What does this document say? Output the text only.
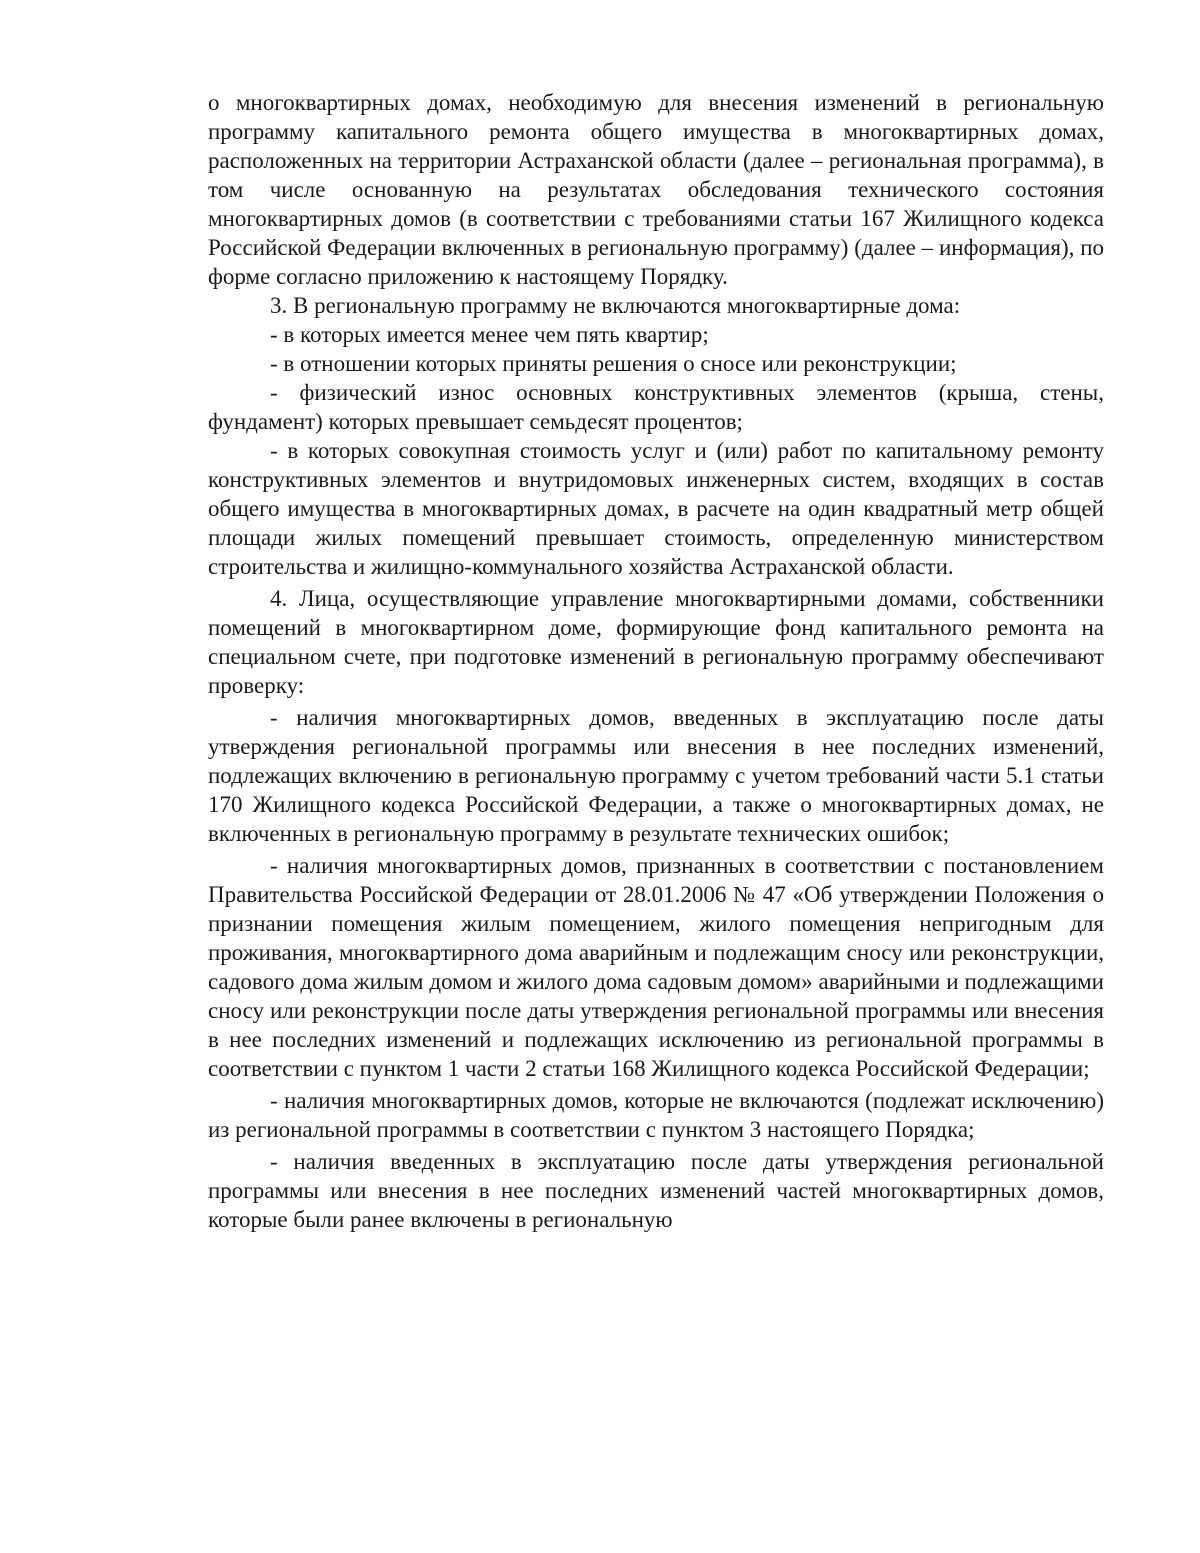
о многоквартирных домах, необходимую для внесения изменений в региональную программу капитального ремонта общего имущества в многоквартирных домах, расположенных на территории Астраханской области (далее – региональная программа), в том числе основанную на результатах обследования технического состояния многоквартирных домов (в соответствии с требованиями статьи 167 Жилищного кодекса Российской Федерации включенных в региональную программу) (далее – информация), по форме согласно приложению к настоящему Порядку.

3. В региональную программу не включаются многоквартирные дома:

- в которых имеется менее чем пять квартир;

- в отношении которых приняты решения о сносе или реконструкции;

- физический износ основных конструктивных элементов (крыша, стены, фундамент) которых превышает семьдесят процентов;

- в которых совокупная стоимость услуг и (или) работ по капитальному ремонту конструктивных элементов и внутридомовых инженерных систем, входящих в состав общего имущества в многоквартирных домах, в расчете на один квадратный метр общей площади жилых помещений превышает стоимость, определенную министерством строительства и жилищно-коммунального хозяйства Астраханской области.

4. Лица, осуществляющие управление многоквартирными домами, собственники помещений в многоквартирном доме, формирующие фонд капитального ремонта на специальном счете, при подготовке изменений в региональную программу обеспечивают проверку:

- наличия многоквартирных домов, введенных в эксплуатацию после даты утверждения региональной программы или внесения в нее последних изменений, подлежащих включению в региональную программу с учетом требований части 5.1 статьи 170 Жилищного кодекса Российской Федерации, а также о многоквартирных домах, не включенных в региональную программу в результате технических ошибок;

- наличия многоквартирных домов, признанных в соответствии с постановлением Правительства Российской Федерации от 28.01.2006 № 47 «Об утверждении Положения о признании помещения жилым помещением, жилого помещения непригодным для проживания, многоквартирного дома аварийным и подлежащим сносу или реконструкции, садового дома жилым домом и жилого дома садовым домом» аварийными и подлежащими сносу или реконструкции после даты утверждения региональной программы или внесения в нее последних изменений и подлежащих исключению из региональной программы в соответствии с пунктом 1 части 2 статьи 168 Жилищного кодекса Российской Федерации;

- наличия многоквартирных домов, которые не включаются (подлежат исключению) из региональной программы в соответствии с пунктом 3 настоящего Порядка;

- наличия введенных в эксплуатацию после даты утверждения региональной программы или внесения в нее последних изменений частей многоквартирных домов, которые были ранее включены в региональную
